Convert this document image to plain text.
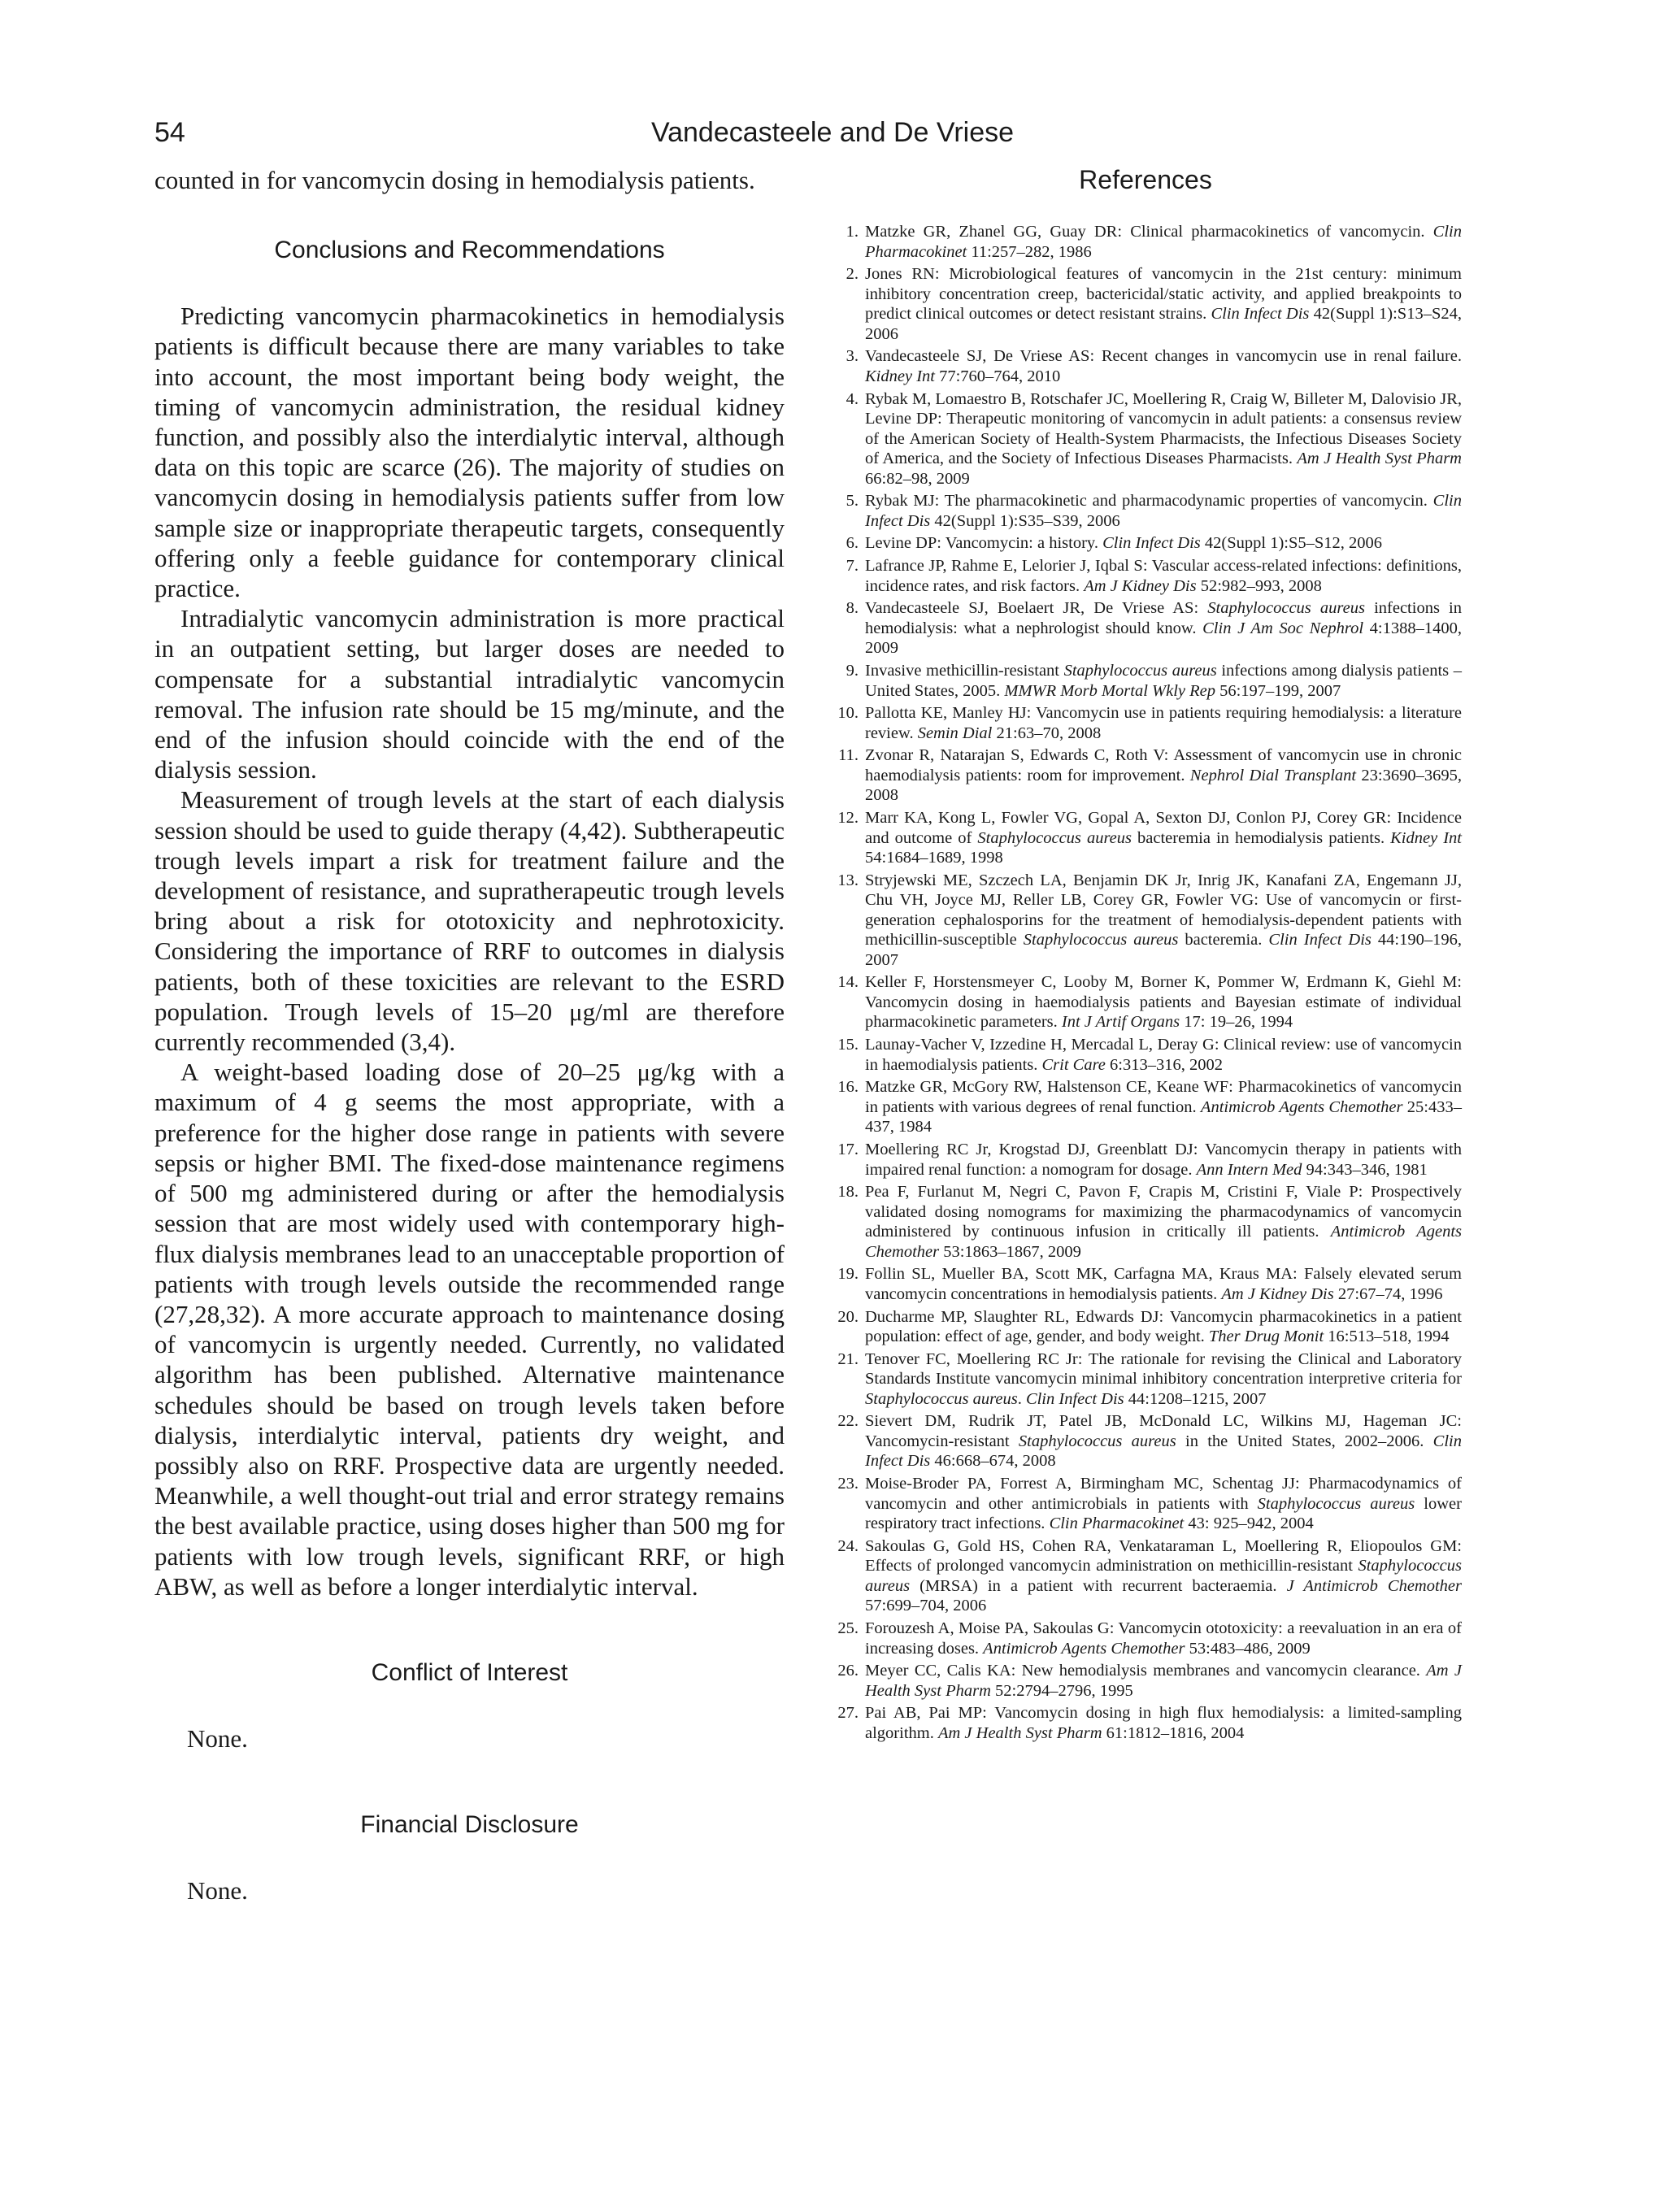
54	Vandecasteele and De Vriese

counted in for vancomycin dosing in hemodialysis patients.

Conclusions and Recommendations

Predicting vancomycin pharmacokinetics in hemodialysis patients is difficult because there are many variables to take into account, the most important being body weight, the timing of vancomycin administration, the residual kidney function, and possibly also the interdialytic interval, although data on this topic are scarce (26). The majority of studies on vancomycin dosing in hemodialysis patients suffer from low sample size or inappropriate therapeutic targets, consequently offering only a feeble guidance for contemporary clinical practice.

Intradialytic vancomycin administration is more practical in an outpatient setting, but larger doses are needed to compensate for a substantial intradialytic vancomycin removal. The infusion rate should be 15 mg/minute, and the end of the infusion should coincide with the end of the dialysis session.

Measurement of trough levels at the start of each dialysis session should be used to guide therapy (4,42). Subtherapeutic trough levels impart a risk for treatment failure and the development of resistance, and supratherapeutic trough levels bring about a risk for ototoxicity and nephrotoxicity. Considering the importance of RRF to outcomes in dialysis patients, both of these toxicities are relevant to the ESRD population. Trough levels of 15–20 μg/ml are therefore currently recommended (3,4).

A weight-based loading dose of 20–25 μg/kg with a maximum of 4 g seems the most appropriate, with a preference for the higher dose range in patients with severe sepsis or higher BMI. The fixed-dose maintenance regimens of 500 mg administered during or after the hemodialysis session that are most widely used with contemporary high-flux dialysis membranes lead to an unacceptable proportion of patients with trough levels outside the recommended range (27,28,32). A more accurate approach to maintenance dosing of vancomycin is urgently needed. Currently, no validated algorithm has been published. Alternative maintenance schedules should be based on trough levels taken before dialysis, interdialytic interval, patients dry weight, and possibly also on RRF. Prospective data are urgently needed. Meanwhile, a well thought-out trial and error strategy remains the best available practice, using doses higher than 500 mg for patients with low trough levels, significant RRF, or high ABW, as well as before a longer interdialytic interval.

Conflict of Interest

None.

Financial Disclosure

None.

References
1. Matzke GR, Zhanel GG, Guay DR: Clinical pharmacokinetics of vancomycin. Clin Pharmacokinet 11:257–282, 1986
2. Jones RN: Microbiological features of vancomycin in the 21st century: minimum inhibitory concentration creep, bactericidal/static activity, and applied breakpoints to predict clinical outcomes or detect resistant strains. Clin Infect Dis 42(Suppl 1):S13–S24, 2006
3. Vandecasteele SJ, De Vriese AS: Recent changes in vancomycin use in renal failure. Kidney Int 77:760–764, 2010
4. Rybak M, Lomaestro B, Rotschafer JC, Moellering R, Craig W, Billeter M, Dalovisio JR, Levine DP: Therapeutic monitoring of vancomycin in adult patients: a consensus review of the American Society of Health-System Pharmacists, the Infectious Diseases Society of America, and the Society of Infectious Diseases Pharmacists. Am J Health Syst Pharm 66:82–98, 2009
5. Rybak MJ: The pharmacokinetic and pharmacodynamic properties of vancomycin. Clin Infect Dis 42(Suppl 1):S35–S39, 2006
6. Levine DP: Vancomycin: a history. Clin Infect Dis 42(Suppl 1):S5–S12, 2006
7. Lafrance JP, Rahme E, Lelorier J, Iqbal S: Vascular access-related infections: definitions, incidence rates, and risk factors. Am J Kidney Dis 52:982–993, 2008
8. Vandecasteele SJ, Boelaert JR, De Vriese AS: Staphylococcus aureus infections in hemodialysis: what a nephrologist should know. Clin J Am Soc Nephrol 4:1388–1400, 2009
9. Invasive methicillin-resistant Staphylococcus aureus infections among dialysis patients – United States, 2005. MMWR Morb Mortal Wkly Rep 56:197–199, 2007
10. Pallotta KE, Manley HJ: Vancomycin use in patients requiring hemodialysis: a literature review. Semin Dial 21:63–70, 2008
11. Zvonar R, Natarajan S, Edwards C, Roth V: Assessment of vancomycin use in chronic haemodialysis patients: room for improvement. Nephrol Dial Transplant 23:3690–3695, 2008
12. Marr KA, Kong L, Fowler VG, Gopal A, Sexton DJ, Conlon PJ, Corey GR: Incidence and outcome of Staphylococcus aureus bacteremia in hemodialysis patients. Kidney Int 54:1684–1689, 1998
13. Stryjewski ME, Szczech LA, Benjamin DK Jr, Inrig JK, Kanafani ZA, Engemann JJ, Chu VH, Joyce MJ, Reller LB, Corey GR, Fowler VG: Use of vancomycin or first-generation cephalosporins for the treatment of hemodialysis-dependent patients with methicillin-susceptible Staphylococcus aureus bacteremia. Clin Infect Dis 44:190–196, 2007
14. Keller F, Horstensmeyer C, Looby M, Borner K, Pommer W, Erdmann K, Giehl M: Vancomycin dosing in haemodialysis patients and Bayesian estimate of individual pharmacokinetic parameters. Int J Artif Organs 17: 19–26, 1994
15. Launay-Vacher V, Izzedine H, Mercadal L, Deray G: Clinical review: use of vancomycin in haemodialysis patients. Crit Care 6:313–316, 2002
16. Matzke GR, McGory RW, Halstenson CE, Keane WF: Pharmacokinetics of vancomycin in patients with various degrees of renal function. Antimicrob Agents Chemother 25:433–437, 1984
17. Moellering RC Jr, Krogstad DJ, Greenblatt DJ: Vancomycin therapy in patients with impaired renal function: a nomogram for dosage. Ann Intern Med 94:343–346, 1981
18. Pea F, Furlanut M, Negri C, Pavon F, Crapis M, Cristini F, Viale P: Prospectively validated dosing nomograms for maximizing the pharmacodynamics of vancomycin administered by continuous infusion in critically ill patients. Antimicrob Agents Chemother 53:1863–1867, 2009
19. Follin SL, Mueller BA, Scott MK, Carfagna MA, Kraus MA: Falsely elevated serum vancomycin concentrations in hemodialysis patients. Am J Kidney Dis 27:67–74, 1996
20. Ducharme MP, Slaughter RL, Edwards DJ: Vancomycin pharmacokinetics in a patient population: effect of age, gender, and body weight. Ther Drug Monit 16:513–518, 1994
21. Tenover FC, Moellering RC Jr: The rationale for revising the Clinical and Laboratory Standards Institute vancomycin minimal inhibitory concentration interpretive criteria for Staphylococcus aureus. Clin Infect Dis 44:1208–1215, 2007
22. Sievert DM, Rudrik JT, Patel JB, McDonald LC, Wilkins MJ, Hageman JC: Vancomycin-resistant Staphylococcus aureus in the United States, 2002–2006. Clin Infect Dis 46:668–674, 2008
23. Moise-Broder PA, Forrest A, Birmingham MC, Schentag JJ: Pharmacodynamics of vancomycin and other antimicrobials in patients with Staphylococcus aureus lower respiratory tract infections. Clin Pharmacokinet 43: 925–942, 2004
24. Sakoulas G, Gold HS, Cohen RA, Venkataraman L, Moellering R, Eliopoulos GM: Effects of prolonged vancomycin administration on methicillin-resistant Staphylococcus aureus (MRSA) in a patient with recurrent bacteraemia. J Antimicrob Chemother 57:699–704, 2006
25. Forouzesh A, Moise PA, Sakoulas G: Vancomycin ototoxicity: a reevaluation in an era of increasing doses. Antimicrob Agents Chemother 53:483–486, 2009
26. Meyer CC, Calis KA: New hemodialysis membranes and vancomycin clearance. Am J Health Syst Pharm 52:2794–2796, 1995
27. Pai AB, Pai MP: Vancomycin dosing in high flux hemodialysis: a limited-sampling algorithm. Am J Health Syst Pharm 61:1812–1816, 2004
